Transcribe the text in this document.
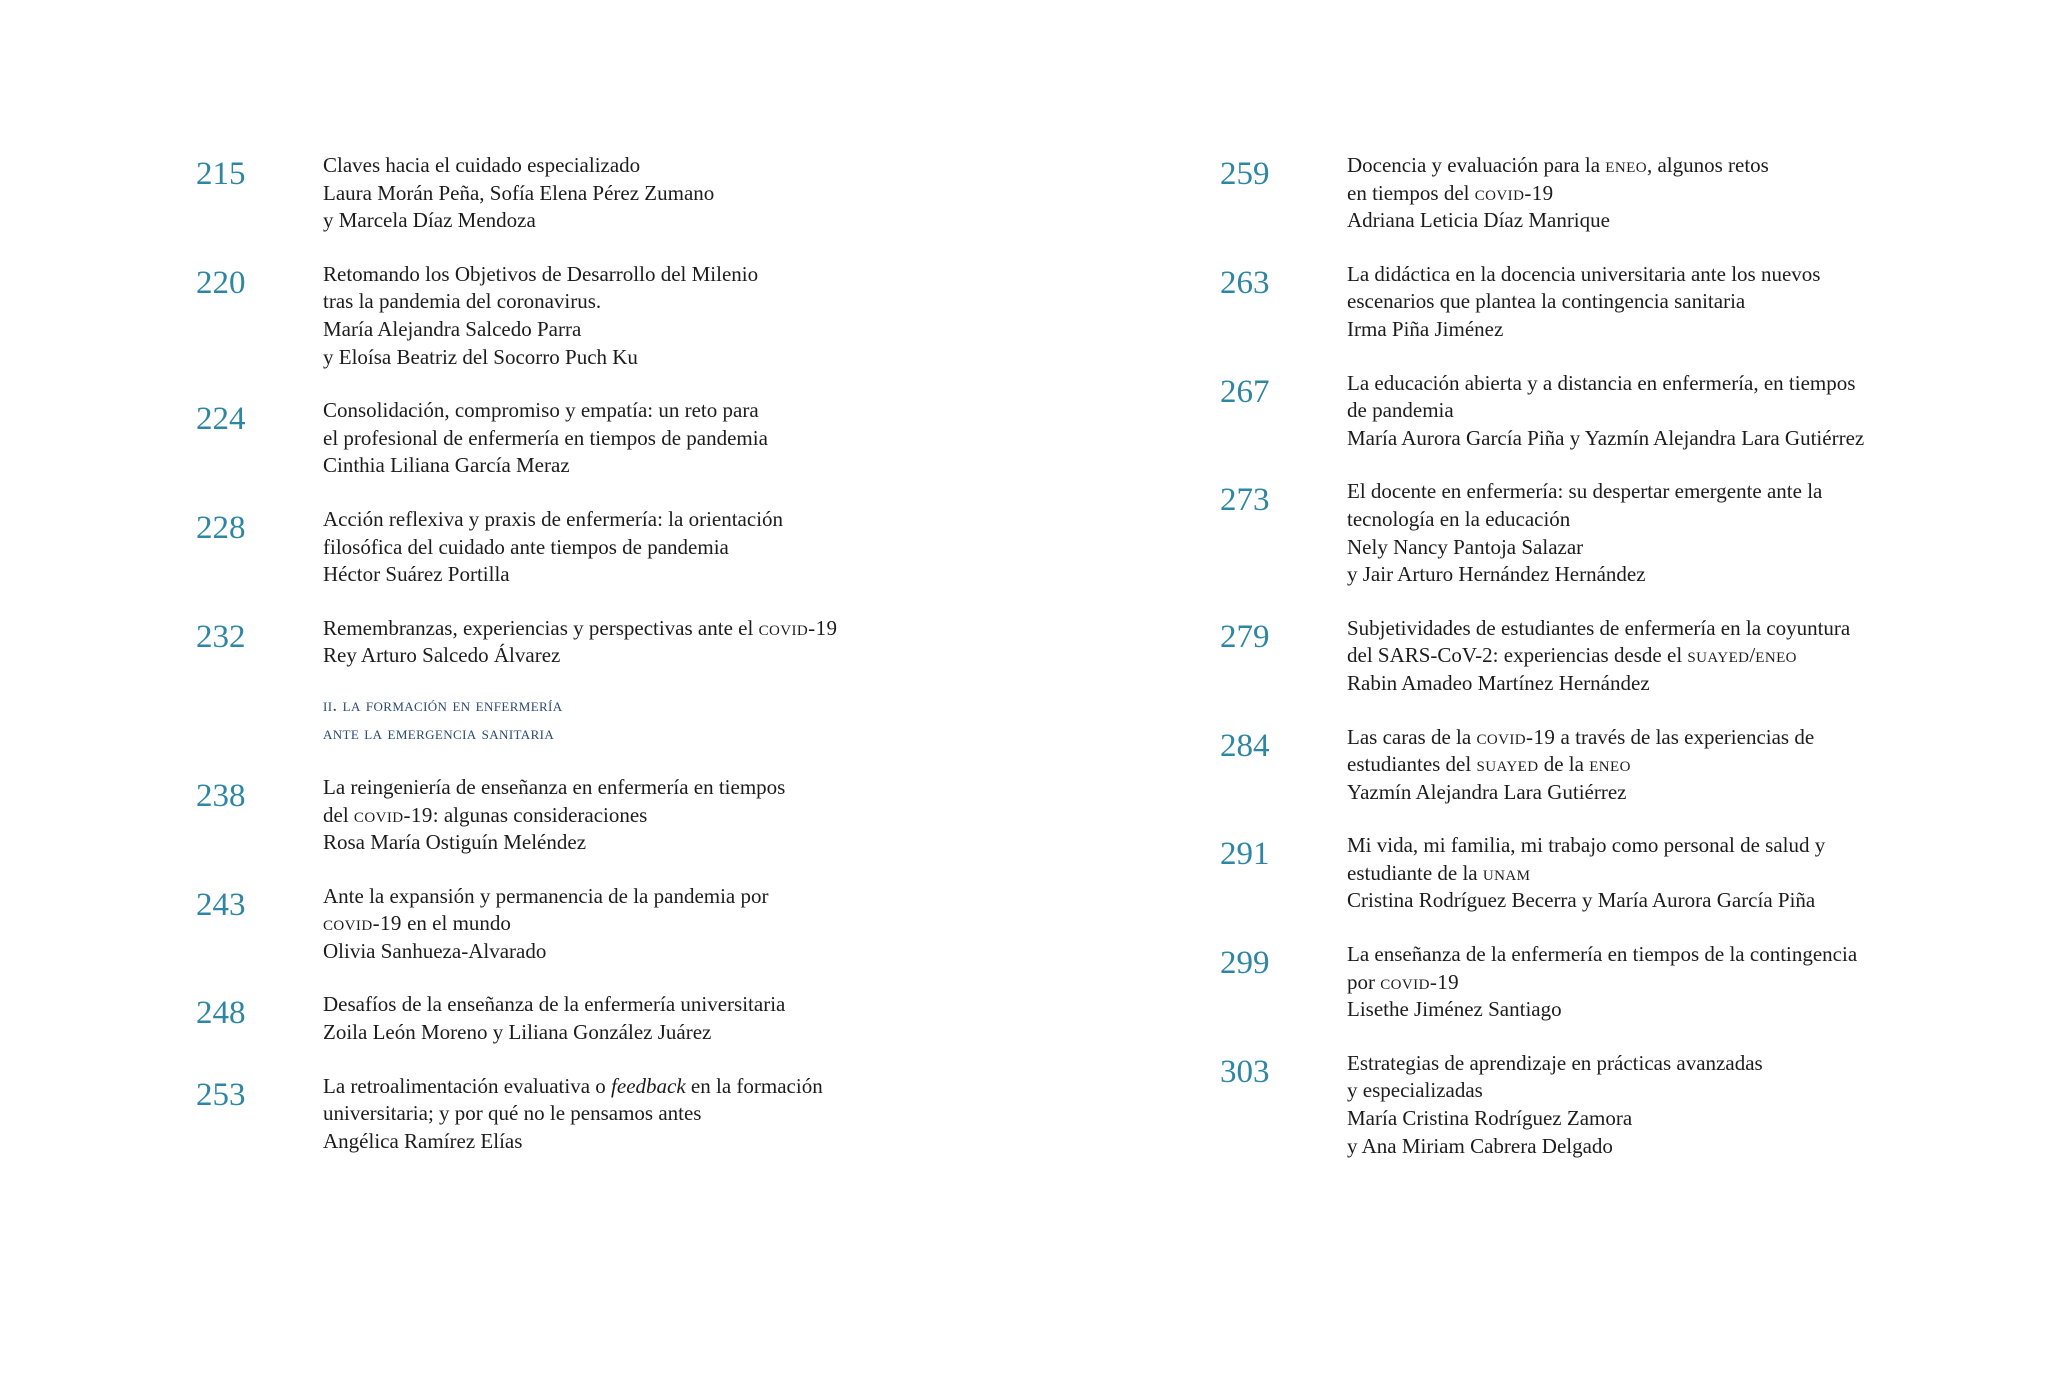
215	Claves hacia el cuidado especializado
Laura Morán Peña, Sofía Elena Pérez Zumano
y Marcela Díaz Mendoza
220	Retomando los Objetivos de Desarrollo del Milenio
tras la pandemia del coronavirus.
María Alejandra Salcedo Parra
y Eloísa Beatriz del Socorro Puch Ku
224	Consolidación, compromiso y empatía: un reto para
el profesional de enfermería en tiempos de pandemia
Cinthia Liliana García Meraz
228	Acción reflexiva y praxis de enfermería: la orientación
filosófica del cuidado ante tiempos de pandemia
Héctor Suárez Portilla
232	Remembranzas, experiencias y perspectivas ante el covid-19
Rey Arturo Salcedo Álvarez
ii. la formación en enfermería
ante la emergencia sanitaria
238	La reingeniería de enseñanza en enfermería en tiempos
del covid-19: algunas consideraciones
Rosa María Ostiguín Meléndez
243	Ante la expansión y permanencia de la pandemia por
covid-19 en el mundo
Olivia Sanhueza-Alvarado
248	Desafíos de la enseñanza de la enfermería universitaria
Zoila León Moreno y Liliana González Juárez
253	La retroalimentación evaluativa o feedback en la formación
universitaria; y por qué no le pensamos antes
Angélica Ramírez Elías
259	Docencia y evaluación para la eneo, algunos retos
en tiempos del covid-19
Adriana Leticia Díaz Manrique
263	La didáctica en la docencia universitaria ante los nuevos
escenarios que plantea la contingencia sanitaria
Irma Piña Jiménez
267	La educación abierta y a distancia en enfermería, en tiempos
de pandemia
María Aurora García Piña y Yazmín Alejandra Lara Gutiérrez
273	El docente en enfermería: su despertar emergente ante la
tecnología en la educación
Nely Nancy Pantoja Salazar
y Jair Arturo Hernández Hernández
279	Subjetividades de estudiantes de enfermería en la coyuntura
del SARS-CoV-2: experiencias desde el suayed/eneo
Rabin Amadeo Martínez Hernández
284	Las caras de la covid-19 a través de las experiencias de
estudiantes del suayed de la eneo
Yazmín Alejandra Lara Gutiérrez
291	Mi vida, mi familia, mi trabajo como personal de salud y
estudiante de la unam
Cristina Rodríguez Becerra y María Aurora García Piña
299	La enseñanza de la enfermería en tiempos de la contingencia
por covid-19
Lisethe Jiménez Santiago
303	Estrategias de aprendizaje en prácticas avanzadas
y especializadas
María Cristina Rodríguez Zamora
y Ana Miriam Cabrera Delgado
